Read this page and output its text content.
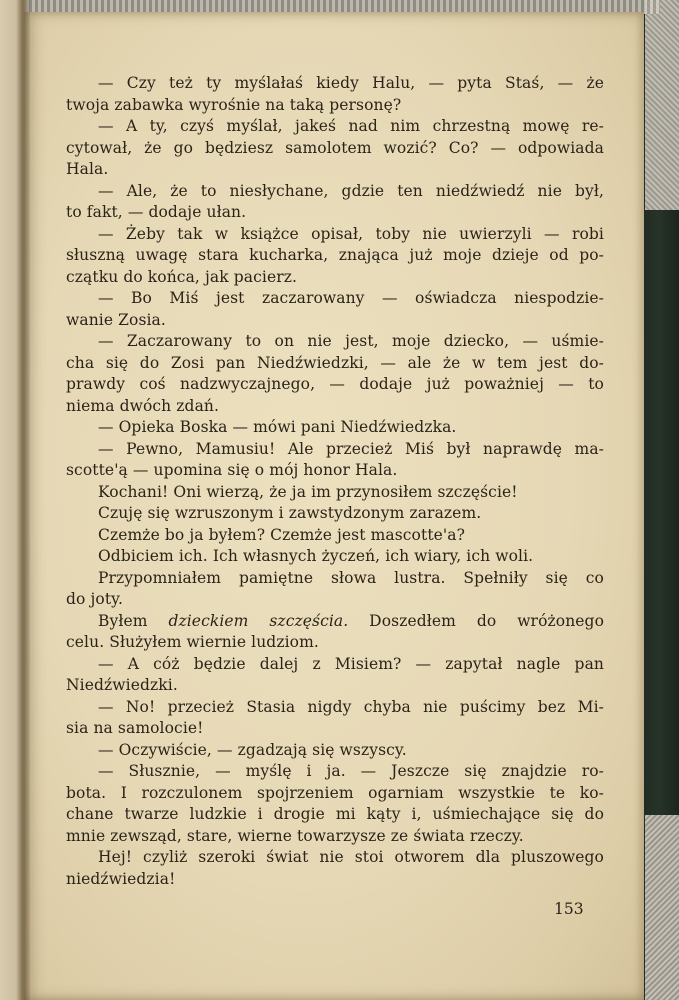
— Czy też ty myślałaś kiedy Halu, — pyta Staś, — że
twoja zabawka wyrośnie na taką personę?
— A ty, czyś myślał, jakeś nad nim chrzestną mowę re-
cytował, że go będziesz samolotem wozić? Co? — odpowiada
Hala.
— Ale, że to niesłychane, gdzie ten niedźwiedź nie był,
to fakt, — dodaje ułan.
— Żeby tak w książce opisał, toby nie uwierzyli — robi
słuszną uwagę stara kucharka, znająca już moje dzieje od po-
czątku do końca, jak pacierz.
— Bo Miś jest zaczarowany — oświadcza niespodzie-
wanie Zosia.
— Zaczarowany to on nie jest, moje dziecko, — uśmie-
cha się do Zosi pan Niedźwiedzki, — ale że w tem jest do-
prawdy coś nadzwyczajnego, — dodaje już poważniej — to
niema dwóch zdań.
— Opieka Boska — mówi pani Niedźwiedzka.
— Pewno, Mamusiu! Ale przecież Miś był naprawdę ma-
scotte'ą — upomina się o mój honor Hala.
Kochani! Oni wierzą, że ja im przynosiłem szczęście!
Czuję się wzruszonym i zawstydzonym zarazem.
Czemże bo ja byłem? Czemże jest mascotte'a?
Odbiciem ich. Ich własnych życzeń, ich wiary, ich woli.
Przypomniałem pamiętne słowa lustra. Spełniły się co
do joty.
Byłem dzieckiem szczęścia. Doszedłem do wróżonego
celu. Służyłem wiernie ludziom.
— A cóż będzie dalej z Misiem? — zapytał nagle pan
Niedźwiedzki.
— No! przecież Stasia nigdy chyba nie puścimy bez Mi-
sia na samolocie!
— Oczywiście, — zgadzają się wszyscy.
— Słusznie, — myślę i ja. — Jeszcze się znajdzie ro-
bota. I rozczulonem spojrzeniem ogarniam wszystkie te ko-
chane twarze ludzkie i drogie mi kąty i, uśmiechające się do
mnie zewsząd, stare, wierne towarzysze ze świata rzeczy.
Hej! czyliż szeroki świat nie stoi otworem dla pluszowego
niedźwiedzia!
153
